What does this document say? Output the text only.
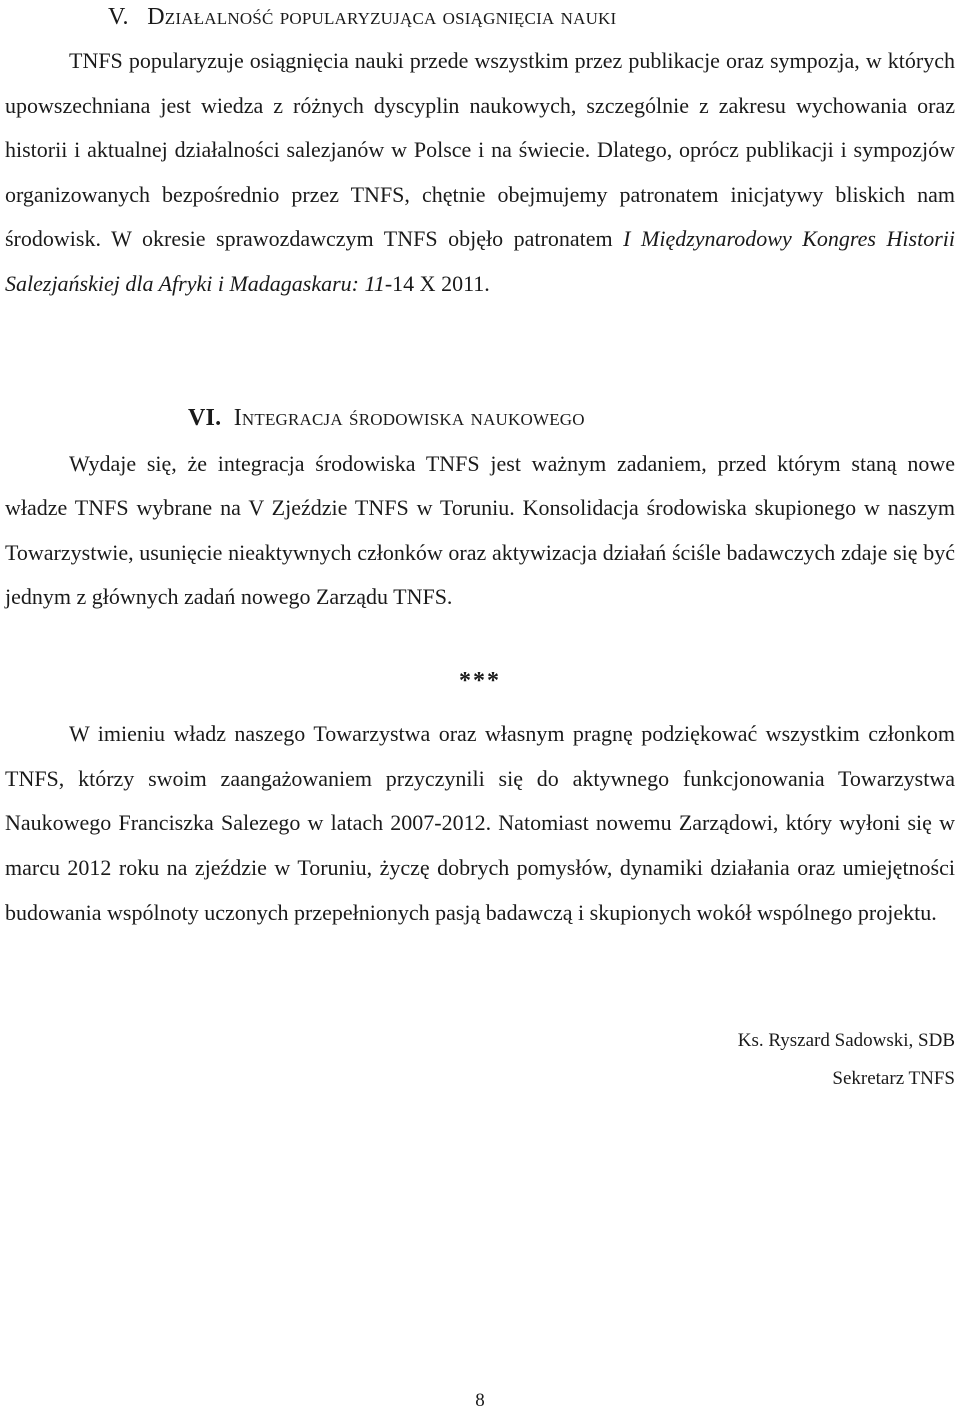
V. Działalność popularyzująca osiągnięcia nauki

TNFS popularyzuje osiągnięcia nauki przede wszystkim przez publikacje oraz sympozja, w których upowszechniana jest wiedza z różnych dyscyplin naukowych, szczególnie z zakresu wychowania oraz historii i aktualnej działalności salezjanów w Polsce i na świecie. Dlatego, oprócz publikacji i sympozjów organizowanych bezpośrednio przez TNFS, chętnie obejmujemy patronatem inicjatywy bliskich nam środowisk. W okresie sprawozdawczym TNFS objęło patronatem I Międzynarodowy Kongres Historii Salezjańskiej dla Afryki i Madagaskaru: 11-14 X 2011.

VI. Integracja środowiska naukowego

Wydaje się, że integracja środowiska TNFS jest ważnym zadaniem, przed którym staną nowe władze TNFS wybrane na V Zjeździe TNFS w Toruniu. Konsolidacja środowiska skupionego w naszym Towarzystwie, usunięcie nieaktywnych członków oraz aktywizacja działań ściśle badawczych zdaje się być jednym z głównych zadań nowego Zarządu TNFS.

***

W imieniu władz naszego Towarzystwa oraz własnym pragnę podziękować wszystkim członkom TNFS, którzy swoim zaangażowaniem przyczynili się do aktywnego funkcjonowania Towarzystwa Naukowego Franciszka Salezego w latach 2007-2012. Natomiast nowemu Zarządowi, który wyłoni się w marcu 2012 roku na zjeździe w Toruniu, życzę dobrych pomysłów, dynamiki działania oraz umiejętności budowania wspólnoty uczonych przepełnionych pasją badawczą i skupionych wokół wspólnego projektu.

Ks. Ryszard Sadowski, SDB
Sekretarz TNFS
8
